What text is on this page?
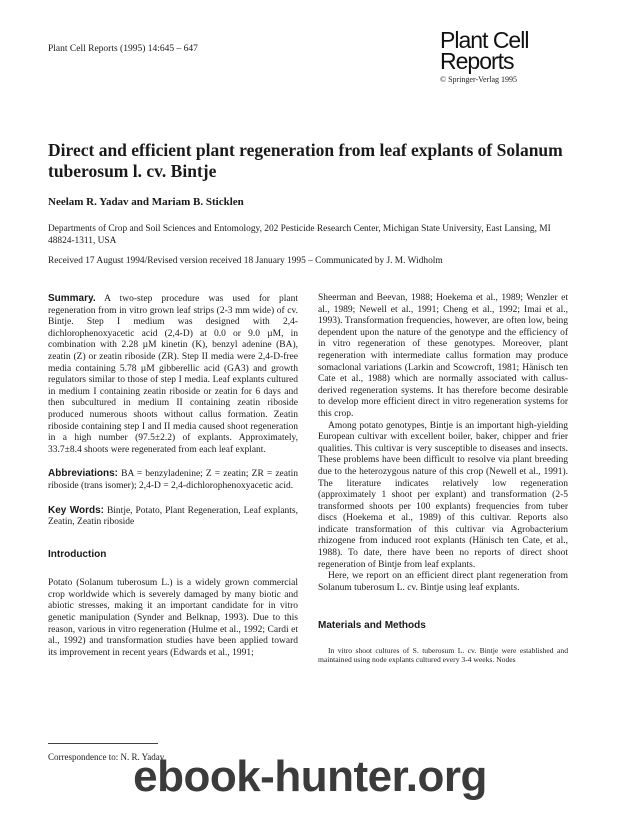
Plant Cell Reports (1995) 14:645 – 647	Plant Cell
Reports
© Springer-Verlag 1995
Direct and efficient plant regeneration from leaf explants of Solanum tuberosum l. cv. Bintje
Neelam R. Yadav and Mariam B. Sticklen
Departments of Crop and Soil Sciences and Entomology, 202 Pesticide Research Center, Michigan State University, East Lansing, MI 48824-1311, USA
Received 17 August 1994/Revised version received 18 January 1995 – Communicated by J. M. Widholm

Summary. A two-step procedure was used for plant regeneration from in vitro grown leaf strips (2-3 mm wide) of cv. Bintje. Step I medium was designed with 2,4-dichlorophenoxyacetic acid (2,4-D) at 0.0 or 9.0 µM, in combination with 2.28 µM kinetin (K), benzyl adenine (BA), zeatin (Z) or zeatin riboside (ZR). Step II media were 2,4-D-free media containing 5.78 µM gibberellic acid (GA3) and growth regulators similar to those of step I media. Leaf explants cultured in medium I containing zeatin riboside or zeatin for 6 days and then subcultured in medium II containing zeatin riboside produced numerous shoots without callus formation. Zeatin riboside containing step I and II media caused shoot regeneration in a high number (97.5±2.2) of explants. Approximately, 33.7±8.4 shoots were regenerated from each leaf explant.

Abbreviations: BA = benzyladenine; Z = zeatin; ZR = zeatin riboside (trans isomer); 2,4-D = 2,4-dichlorophenoxyacetic acid.

Key Words: Bintje, Potato, Plant Regeneration, Leaf explants, Zeatin, Zeatin riboside

Introduction

Potato (Solanum tuberosum L.) is a widely grown commercial crop worldwide which is severely damaged by many biotic and abiotic stresses, making it an important candidate for in vitro genetic manipulation (Synder and Belknap, 1993). Due to this reason, various in vitro regeneration (Hulme et al., 1992; Cardi et al., 1992) and transformation studies have been applied toward its improvement in recent years (Edwards et al., 1991;

Sheerman and Beevan, 1988; Hoekema et al., 1989; Wenzler et al., 1989; Newell et al., 1991; Cheng et al., 1992; Imai et al., 1993). Transformation frequencies, however, are often low, being dependent upon the nature of the genotype and the efficiency of in vitro regeneration of these genotypes. Moreover, plant regeneration with intermediate callus formation may produce somaclonal variations (Larkin and Scowcroft, 1981; Hänisch ten Cate et al., 1988) which are normally associated with callus-derived regeneration systems. It has therefore become desirable to develop more efficient direct in vitro regeneration systems for this crop.

Among potato genotypes, Bintje is an important high-yielding European cultivar with excellent boiler, baker, chipper and frier qualities. This cultivar is very susceptible to diseases and insects. These problems have been difficult to resolve via plant breeding due to the heterozygous nature of this crop (Newell et al., 1991). The literature indicates relatively low regeneration (approximately 1 shoot per explant) and transformation (2-5 transformed shoots per 100 explants) frequencies from tuber discs (Hoekema et al., 1989) of this cultivar. Reports also indicate transformation of this cultivar via Agrobacterium rhizogene from induced root explants (Hänisch ten Cate, et al., 1988). To date, there have been no reports of direct shoot regeneration of Bintje from leaf explants.

Here, we report on an efficient direct plant regeneration from Solanum tuberosum L. cv. Bintje using leaf explants.

Materials and Methods

In vitro shoot cultures of S. tuberosum L. cv. Bintje were established and maintained using node explants cultured every 3-4 weeks. Nodes

Correspondence to: N. R. Yadav
ebook-hunter.org
